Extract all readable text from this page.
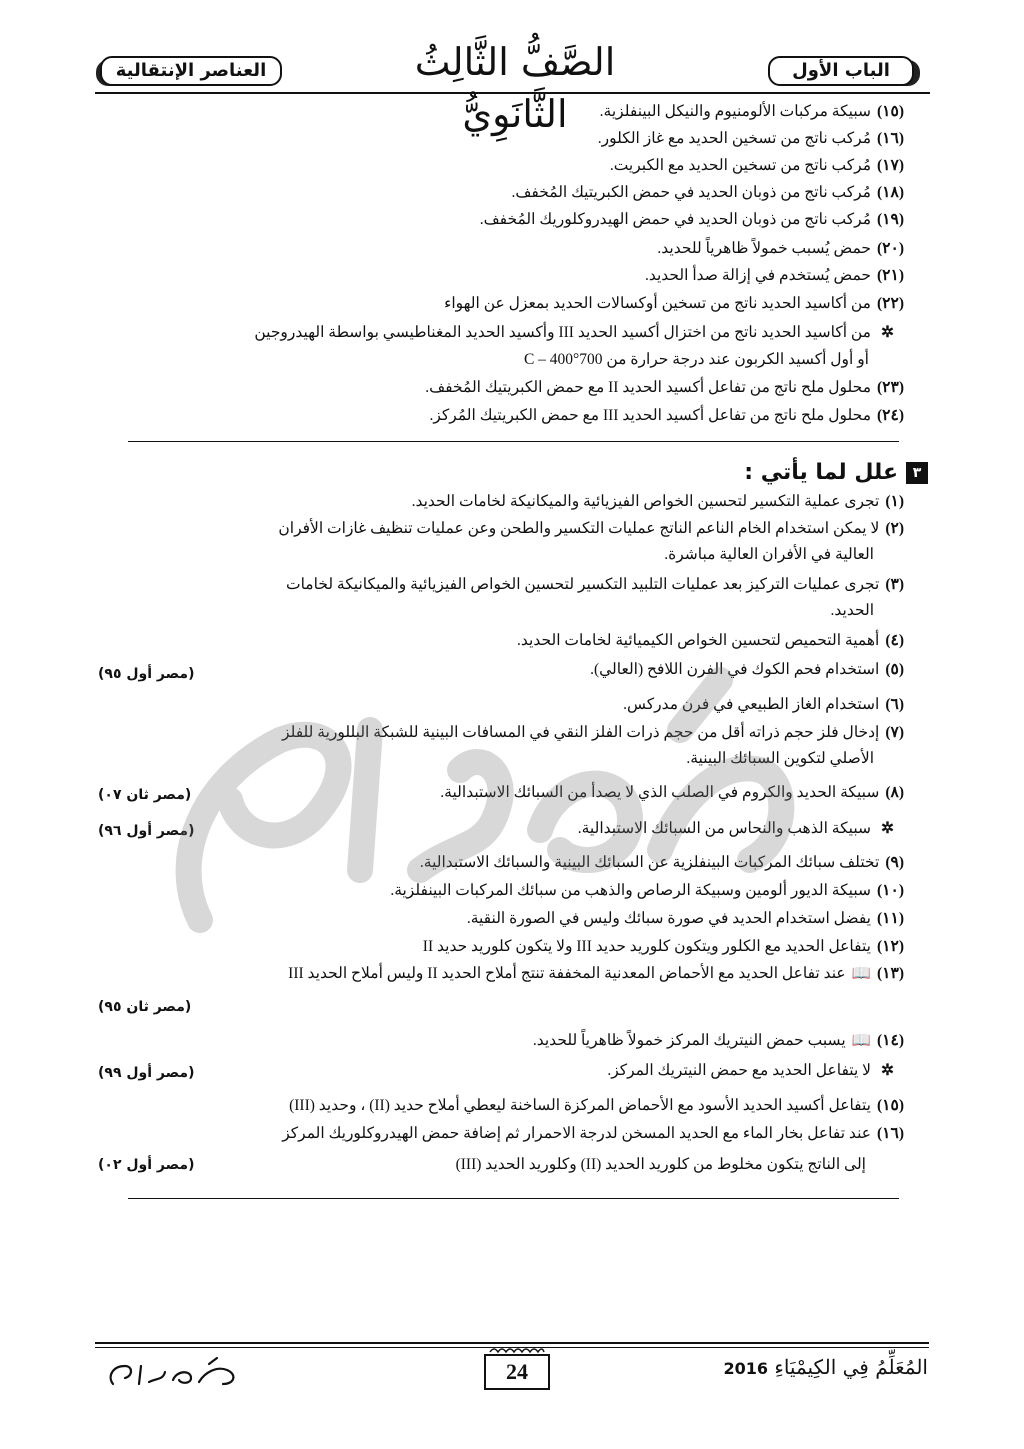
الباب الأول
العناصر الإنتقالية	الصَّفُّ الثَّالِثُ الثَّانَوِيُّ	(١٥)سبيكة مركبات الألومنيوم والنيكل البينفلزية.
(١٦)مُركب ناتج من تسخين الحديد مع غاز الكلور.
(١٧)مُركب ناتج من تسخين الحديد مع الكبريت.
(١٨)مُركب ناتج من ذوبان الحديد في حمض الكبريتيك المُخفف.
(١٩)مُركب ناتج من ذوبان الحديد في حمض الهيدروكلوريك المُخفف.
(٢٠)حمض يُسبب خمولاً ظاهرياً للحديد.
(٢١)حمض يُستخدم في إزالة صدأ الحديد.
(٢٢)من أكاسيد الحديد ناتج من تسخين أوكسالات الحديد بمعزل عن الهواء
✲من أكاسيد الحديد ناتج من اختزال أكسيد الحديد III وأكسيد الحديد المغناطيسي بواسطة الهيدروجين
أو أول أكسيد الكربون عند درجة حرارة من 700°C – 400
(٢٣)محلول ملح ناتج من تفاعل أكسيد الحديد II مع حمض الكبريتيك المُخفف.
(٢٤)محلول ملح ناتج من تفاعل أكسيد الحديد III مع حمض الكبريتيك المُركز.
٣علل لما يأتي :
(١)تجرى عملية التكسير لتحسين الخواص الفيزيائية والميكانيكة لخامات الحديد.
(٢)لا يمكن استخدام الخام الناعم الناتج عمليات التكسير والطحن وعن عمليات تنظيف غازات الأفران
العالية في الأفران العالية مباشرة.
(٣)تجرى عمليات التركيز بعد عمليات التلبيد التكسير لتحسين الخواص الفيزيائية والميكانيكة لخامات
الحديد.
(٤)أهمية التحميص لتحسين الخواص الكيميائية لخامات الحديد.
(٥)استخدام فحم الكوك في الفرن اللافح (العالي).
(مصر أول ٩٥)
(٦)استخدام الغاز الطبيعي في فرن مدركس.
(٧)إدخال فلز حجم ذراته أقل من حجم ذرات الفلز النقي في المسافات البينية للشبكة البللورية للفلز
الأصلي لتكوين السبائك البينية.
(٨)سبيكة الحديد والكروم في الصلب الذي لا يصدأ من السبائك الاستبدالية.
(مصر ثان ٠٧)
✲سبيكة الذهب والنحاس من السبائك الاستبدالية.
(مصر أول ٩٦)
(٩)تختلف سبائك المركبات البينفلزية عن السبائك البينية والسبائك الاستبدالية.
(١٠)سبيكة الديور ألومين وسبيكة الرصاص والذهب من سبائك المركبات البينفلزية.
(١١)يفضل استخدام الحديد في صورة سبائك وليس في الصورة النقية.
(١٢)يتفاعل الحديد مع الكلور ويتكون كلوريد حديد III ولا يتكون كلوريد حديد II
(١٣)📖عند تفاعل الحديد مع الأحماض المعدنية المخففة تنتج أملاح الحديد II وليس أملاح الحديد III
(مصر ثان ٩٥)
(١٤)📖يسبب حمض النيتريك المركز خمولاً ظاهرياً للحديد.
✲لا يتفاعل الحديد مع حمض النيتريك المركز.
(مصر أول ٩٩)
(١٥)يتفاعل أكسيد الحديد الأسود مع الأحماض المركزة الساخنة ليعطي أملاح حديد (II) ، وحديد (III)
(١٦)عند تفاعل بخار الماء مع الحديد المسخن لدرجة الاحمرار ثم إضافة حمض الهيدروكلوريك المركز
إلى الناتج يتكون مخلوط من كلوريد الحديد (II) وكلوريد الحديد (III)
(مصر أول ٠٢)
24	المُعَلِّمُ فِي الكِيمْيَاءِ 2016
